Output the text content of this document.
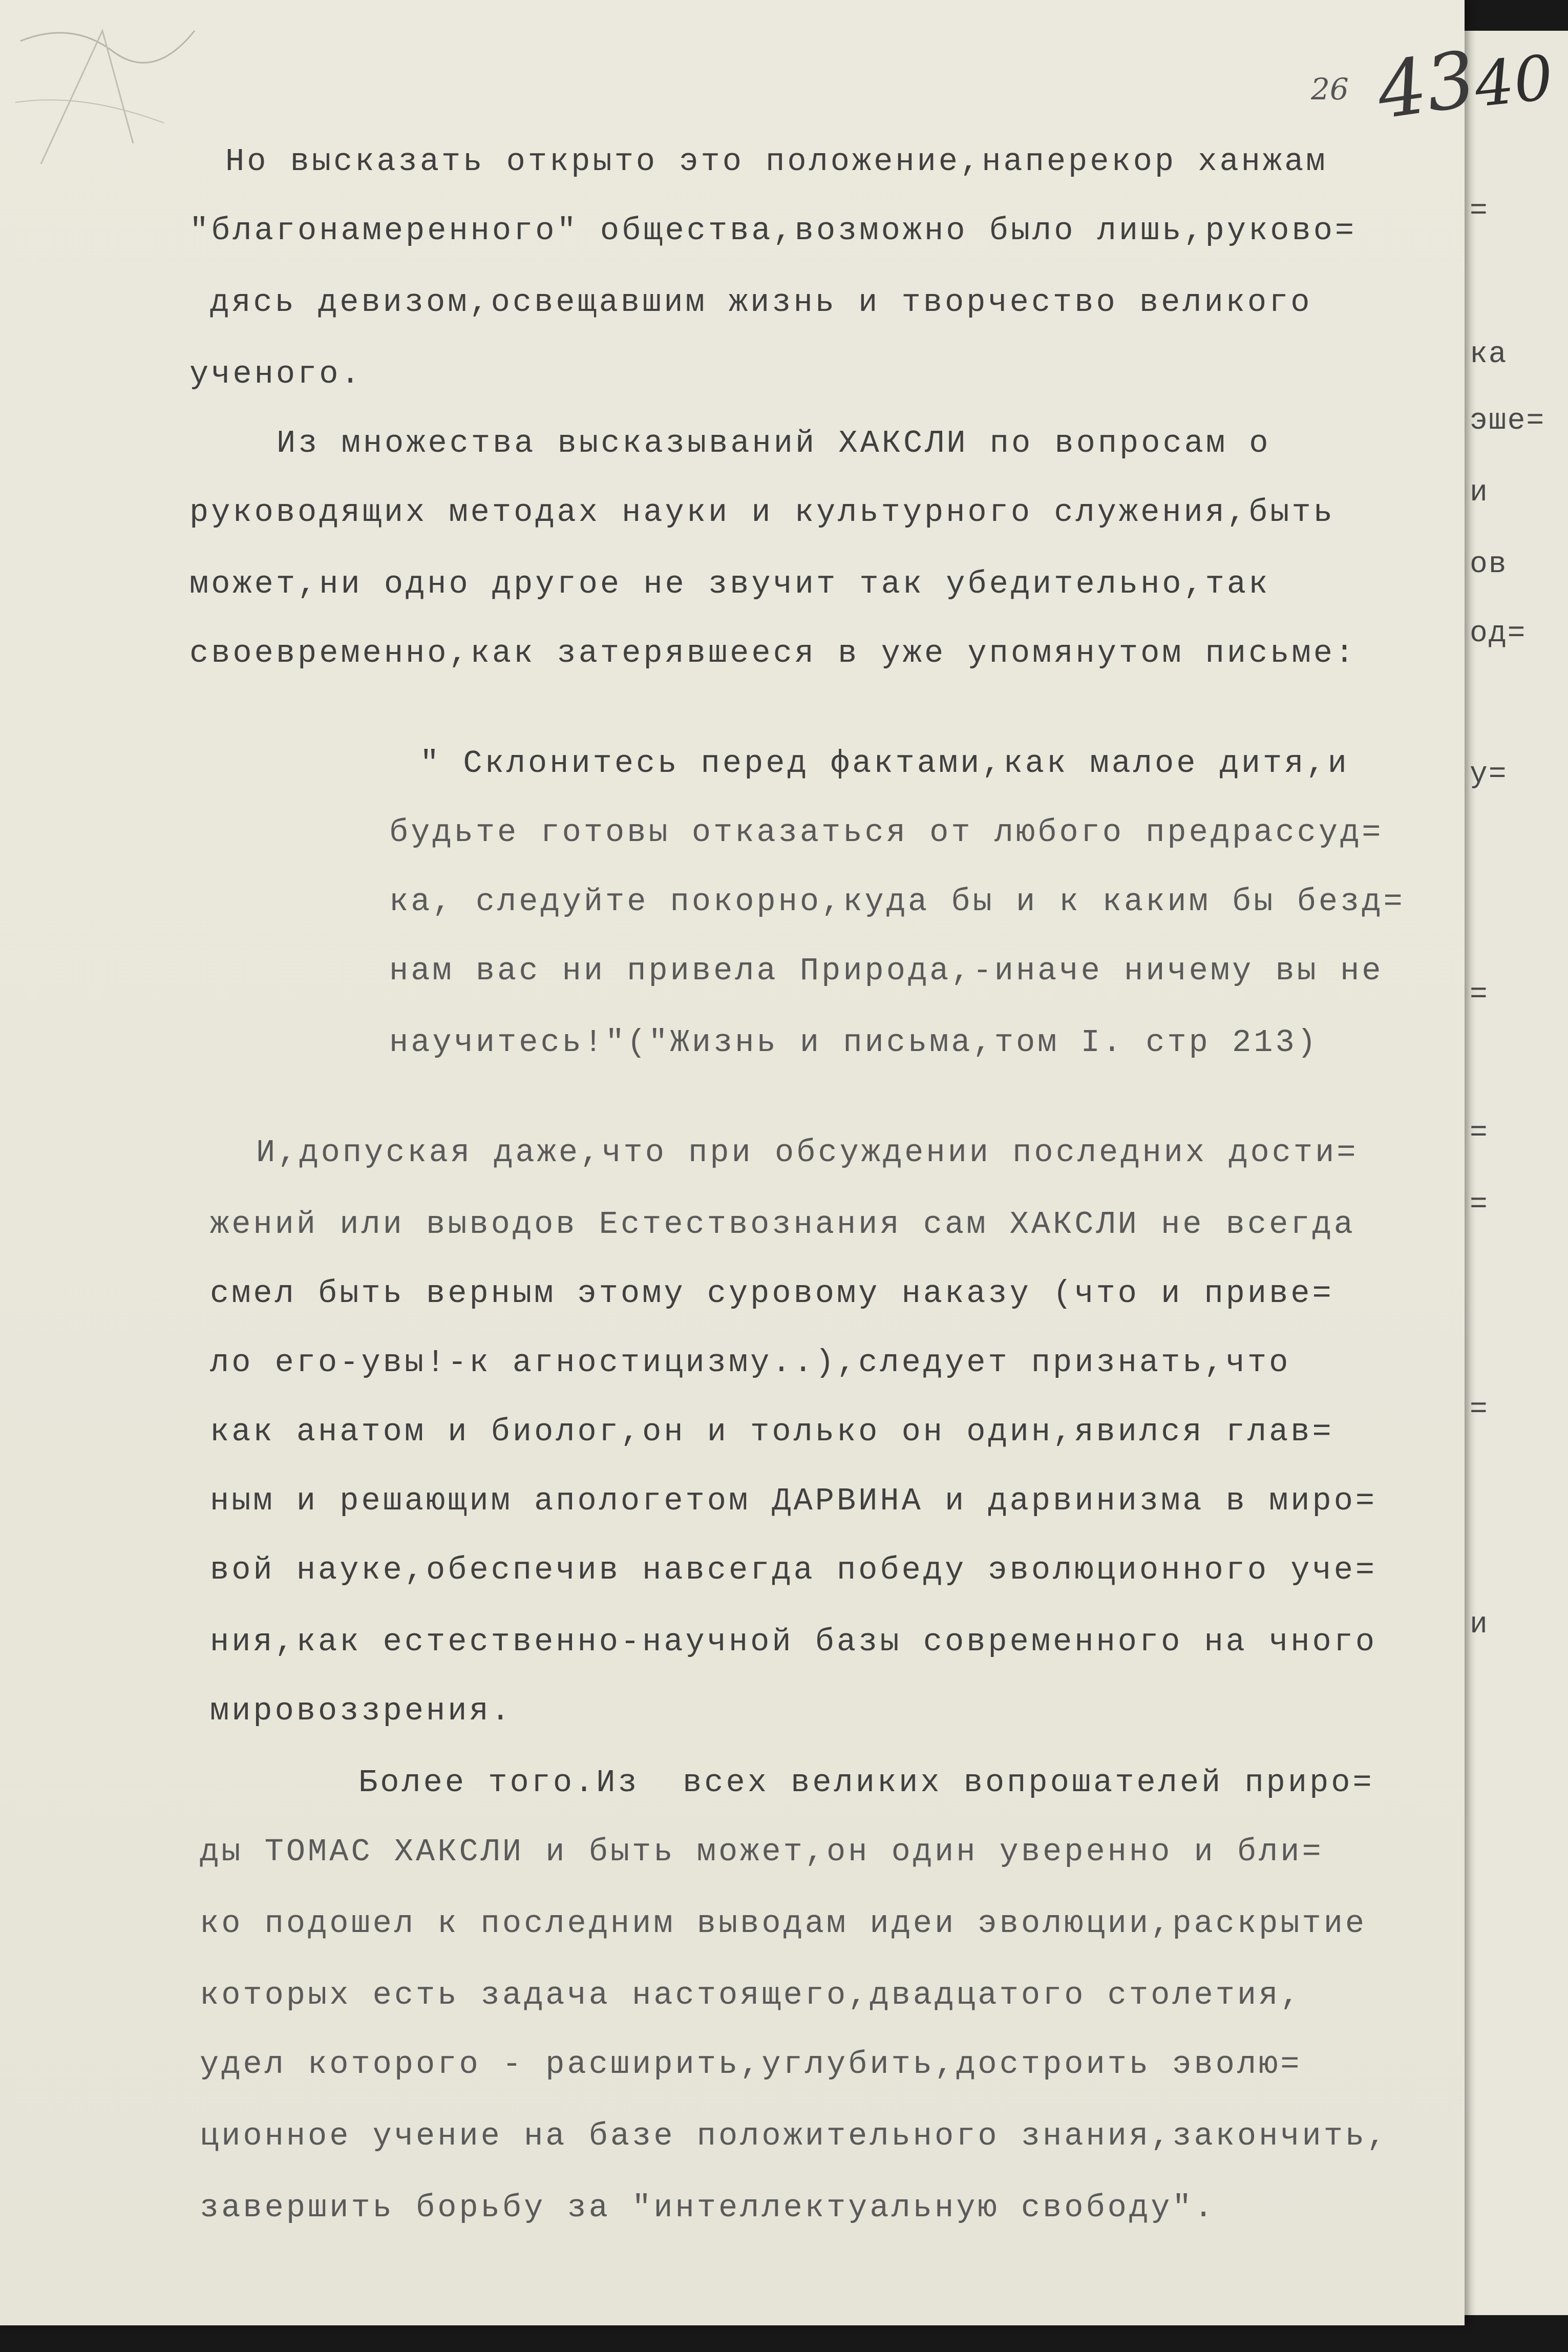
=
ка
эше=
и
ов
од=
у=
=
=
=
=
и
26 43
40
Но высказать открыто это положение,наперекор ханжам
"благонамеренного" общества,возможно было лишь,руково=
дясь девизом,освещавшим жизнь и творчество великого
ученого.
Из множества высказываний ХАКСЛИ по вопросам о
руководящих методах науки и культурного служения,быть
может,ни одно другое не звучит так убедительно,так
своевременно,как затерявшееся в уже упомянутом письме:
" Склонитесь перед фактами,как малое дитя,и
будьте готовы отказаться от любого предрассуд=
ка, следуйте покорно,куда бы и к каким бы безд=
нам вас ни привела Природа,-иначе ничему вы не
научитесь!"("Жизнь и письма,том I. стр 213)
И,допуская даже,что при обсуждении последних дости=
жений или выводов Естествознания сам ХАКСЛИ не всегда
смел быть верным этому суровому наказу (что и приве=
ло его-увы!-к агностицизму..),следует признать,что
как анатом и биолог,он и только он один,явился глав=
ным и решающим апологетом ДАРВИНА и дарвинизма в миро=
вой науке,обеспечив навсегда победу эволюционного уче=
ния,как естественно-научной базы современного на чного
мировоззрения.
Более того.Из  всех великих вопрошателей приро=
ды ТОМАС ХАКСЛИ и быть может,он один уверенно и бли=
ко подошел к последним выводам идеи эволюции,раскрытие
которых есть задача настоящего,двадцатого столетия,
удел которого - расширить,углубить,достроить эволю=
ционное учение на базе положительного знания,закончить,
завершить борьбу за "интеллектуальную свободу".
